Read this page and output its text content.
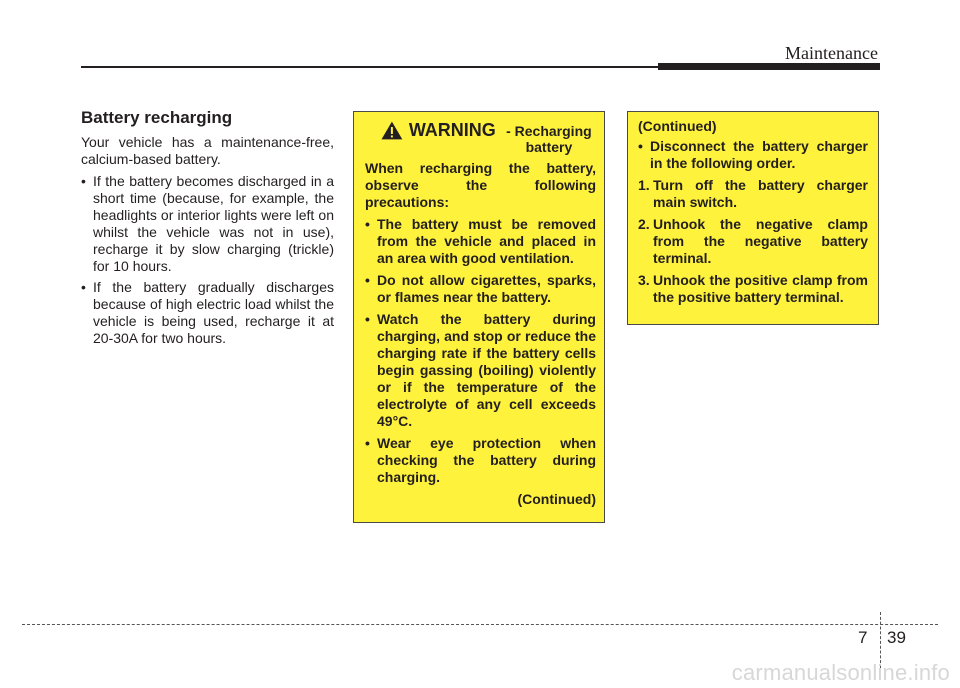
Maintenance
Battery recharging

Your vehicle has a maintenance-free, calcium-based battery.

• If the battery becomes discharged in a short time (because, for example, the headlights or interior lights were left on whilst the vehicle was not in use), recharge it by slow charging (trickle) for 10 hours.

• If the battery gradually discharges because of high electric load whilst the vehicle is being used, recharge it at 20-30A for two hours.

WARNING - Recharging battery

When recharging the battery, observe the following precautions:

• The battery must be removed from the vehicle and placed in an area with good ventilation.

• Do not allow cigarettes, sparks, or flames near the battery.

• Watch the battery during charging, and stop or reduce the charging rate if the battery cells begin gassing (boiling) violently or if the temperature of the electrolyte of any cell exceeds 49°C.

• Wear eye protection when checking the battery during charging.

(Continued)

(Continued)

• Disconnect the battery charger in the following order.

1. Turn off the battery charger main switch.

2. Unhook the negative clamp from the negative battery terminal.

3. Unhook the positive clamp from the positive battery terminal.

7 39
carmanualsonline.info
